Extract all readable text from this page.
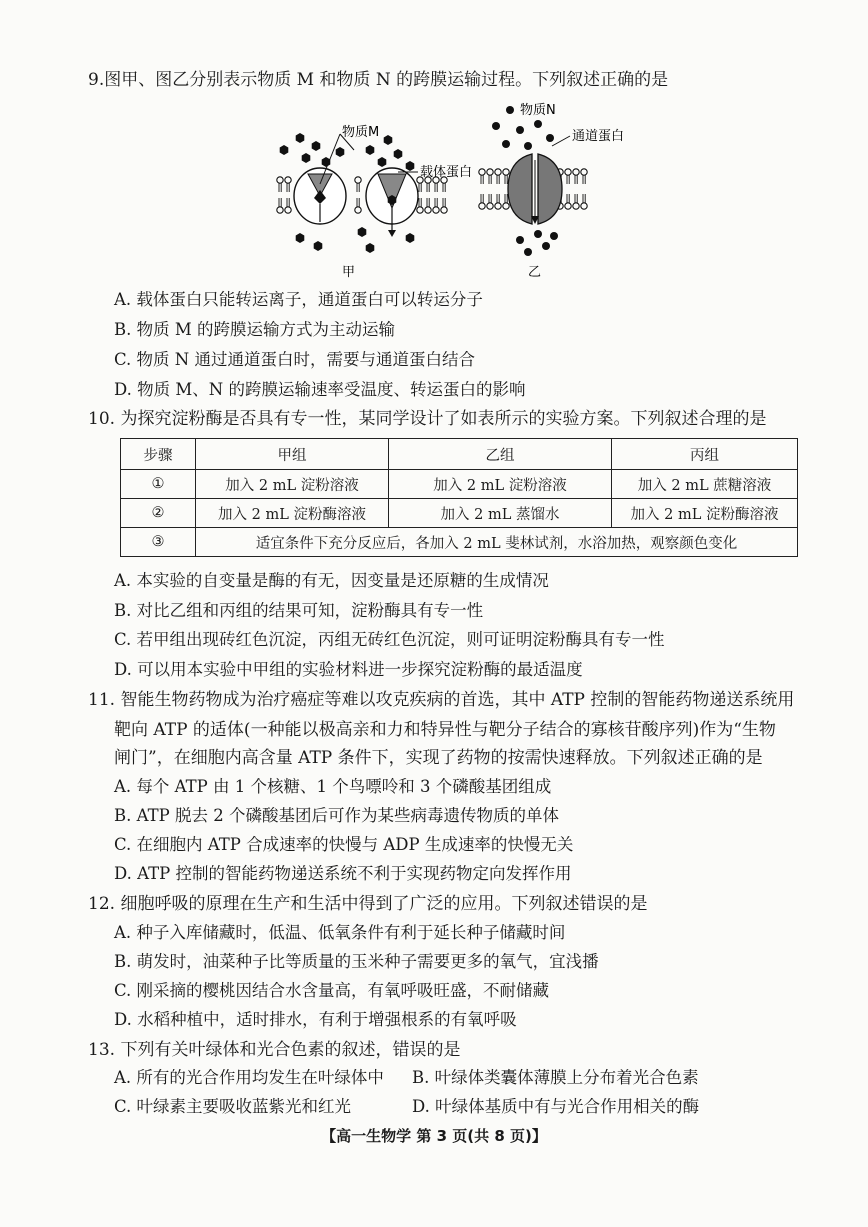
9.图甲、图乙分别表示物质 M 和物质 N 的跨膜运输过程。下列叙述正确的是
物质M
载体蛋白
甲
物质N
通道蛋白
乙
A. 载体蛋白只能转运离子，通道蛋白可以转运分子
B. 物质 M 的跨膜运输方式为主动运输
C. 物质 N 通过通道蛋白时，需要与通道蛋白结合
D. 物质 M、N 的跨膜运输速率受温度、转运蛋白的影响
10. 为探究淀粉酶是否具有专一性，某同学设计了如表所示的实验方案。下列叙述合理的是
步骤	甲组	乙组	丙组
①	加入 2 mL 淀粉溶液	加入 2 mL 淀粉溶液	加入 2 mL 蔗糖溶液
②	加入 2 mL 淀粉酶溶液	加入 2 mL 蒸馏水	加入 2 mL 淀粉酶溶液
③	适宜条件下充分反应后，各加入 2 mL 斐林试剂，水浴加热，观察颜色变化		
A. 本实验的自变量是酶的有无，因变量是还原糖的生成情况
B. 对比乙组和丙组的结果可知，淀粉酶具有专一性
C. 若甲组出现砖红色沉淀，丙组无砖红色沉淀，则可证明淀粉酶具有专一性
D. 可以用本实验中甲组的实验材料进一步探究淀粉酶的最适温度
11. 智能生物药物成为治疗癌症等难以攻克疾病的首选，其中 ATP 控制的智能药物递送系统用
靶向 ATP 的适体(一种能以极高亲和力和特异性与靶分子结合的寡核苷酸序列)作为“生物
闸门”，在细胞内高含量 ATP 条件下，实现了药物的按需快速释放。下列叙述正确的是
A. 每个 ATP 由 1 个核糖、1 个鸟嘌呤和 3 个磷酸基团组成
B. ATP 脱去 2 个磷酸基团后可作为某些病毒遗传物质的单体
C. 在细胞内 ATP 合成速率的快慢与 ADP 生成速率的快慢无关
D. ATP 控制的智能药物递送系统不利于实现药物定向发挥作用
12. 细胞呼吸的原理在生产和生活中得到了广泛的应用。下列叙述错误的是
A. 种子入库储藏时，低温、低氧条件有利于延长种子储藏时间
B. 萌发时，油菜种子比等质量的玉米种子需要更多的氧气，宜浅播
C. 刚采摘的樱桃因结合水含量高，有氧呼吸旺盛，不耐储藏
D. 水稻种植中，适时排水，有利于增强根系的有氧呼吸
13. 下列有关叶绿体和光合色素的叙述，错误的是
A. 所有的光合作用均发生在叶绿体中 B. 叶绿体类囊体薄膜上分布着光合色素
C. 叶绿素主要吸收蓝紫光和红光	D. 叶绿体基质中有与光合作用相关的酶
【高一生物学 第 3 页(共 8 页)】
